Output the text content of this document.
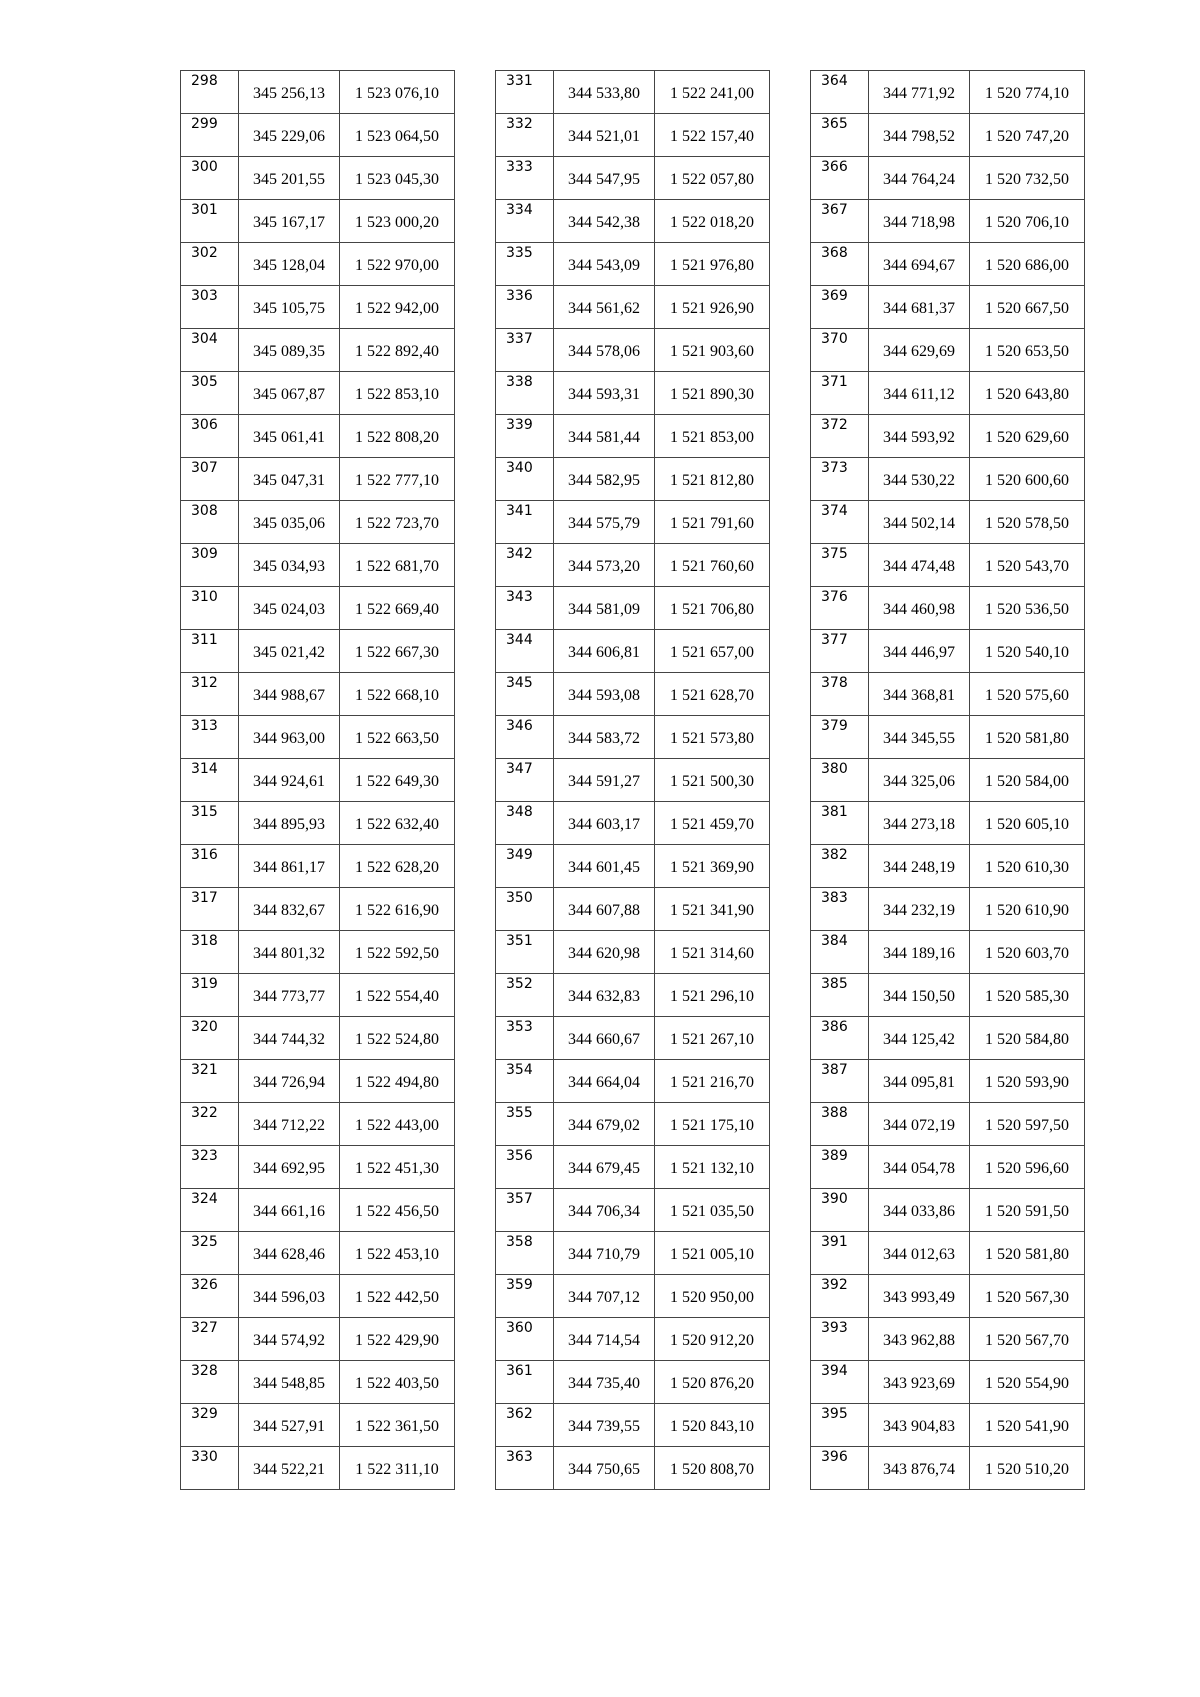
298	345 256,13	1 523 076,10
299	345 229,06	1 523 064,50
300	345 201,55	1 523 045,30
301	345 167,17	1 523 000,20
302	345 128,04	1 522 970,00
303	345 105,75	1 522 942,00
304	345 089,35	1 522 892,40
305	345 067,87	1 522 853,10
306	345 061,41	1 522 808,20
307	345 047,31	1 522 777,10
308	345 035,06	1 522 723,70
309	345 034,93	1 522 681,70
310	345 024,03	1 522 669,40
311	345 021,42	1 522 667,30
312	344 988,67	1 522 668,10
313	344 963,00	1 522 663,50
314	344 924,61	1 522 649,30
315	344 895,93	1 522 632,40
316	344 861,17	1 522 628,20
317	344 832,67	1 522 616,90
318	344 801,32	1 522 592,50
319	344 773,77	1 522 554,40
320	344 744,32	1 522 524,80
321	344 726,94	1 522 494,80
322	344 712,22	1 522 443,00
323	344 692,95	1 522 451,30
324	344 661,16	1 522 456,50
325	344 628,46	1 522 453,10
326	344 596,03	1 522 442,50
327	344 574,92	1 522 429,90
328	344 548,85	1 522 403,50
329	344 527,91	1 522 361,50
330	344 522,21	1 522 311,10
331	344 533,80	1 522 241,00
332	344 521,01	1 522 157,40
333	344 547,95	1 522 057,80
334	344 542,38	1 522 018,20
335	344 543,09	1 521 976,80
336	344 561,62	1 521 926,90
337	344 578,06	1 521 903,60
338	344 593,31	1 521 890,30
339	344 581,44	1 521 853,00
340	344 582,95	1 521 812,80
341	344 575,79	1 521 791,60
342	344 573,20	1 521 760,60
343	344 581,09	1 521 706,80
344	344 606,81	1 521 657,00
345	344 593,08	1 521 628,70
346	344 583,72	1 521 573,80
347	344 591,27	1 521 500,30
348	344 603,17	1 521 459,70
349	344 601,45	1 521 369,90
350	344 607,88	1 521 341,90
351	344 620,98	1 521 314,60
352	344 632,83	1 521 296,10
353	344 660,67	1 521 267,10
354	344 664,04	1 521 216,70
355	344 679,02	1 521 175,10
356	344 679,45	1 521 132,10
357	344 706,34	1 521 035,50
358	344 710,79	1 521 005,10
359	344 707,12	1 520 950,00
360	344 714,54	1 520 912,20
361	344 735,40	1 520 876,20
362	344 739,55	1 520 843,10
363	344 750,65	1 520 808,70
364	344 771,92	1 520 774,10
365	344 798,52	1 520 747,20
366	344 764,24	1 520 732,50
367	344 718,98	1 520 706,10
368	344 694,67	1 520 686,00
369	344 681,37	1 520 667,50
370	344 629,69	1 520 653,50
371	344 611,12	1 520 643,80
372	344 593,92	1 520 629,60
373	344 530,22	1 520 600,60
374	344 502,14	1 520 578,50
375	344 474,48	1 520 543,70
376	344 460,98	1 520 536,50
377	344 446,97	1 520 540,10
378	344 368,81	1 520 575,60
379	344 345,55	1 520 581,80
380	344 325,06	1 520 584,00
381	344 273,18	1 520 605,10
382	344 248,19	1 520 610,30
383	344 232,19	1 520 610,90
384	344 189,16	1 520 603,70
385	344 150,50	1 520 585,30
386	344 125,42	1 520 584,80
387	344 095,81	1 520 593,90
388	344 072,19	1 520 597,50
389	344 054,78	1 520 596,60
390	344 033,86	1 520 591,50
391	344 012,63	1 520 581,80
392	343 993,49	1 520 567,30
393	343 962,88	1 520 567,70
394	343 923,69	1 520 554,90
395	343 904,83	1 520 541,90
396	343 876,74	1 520 510,20
